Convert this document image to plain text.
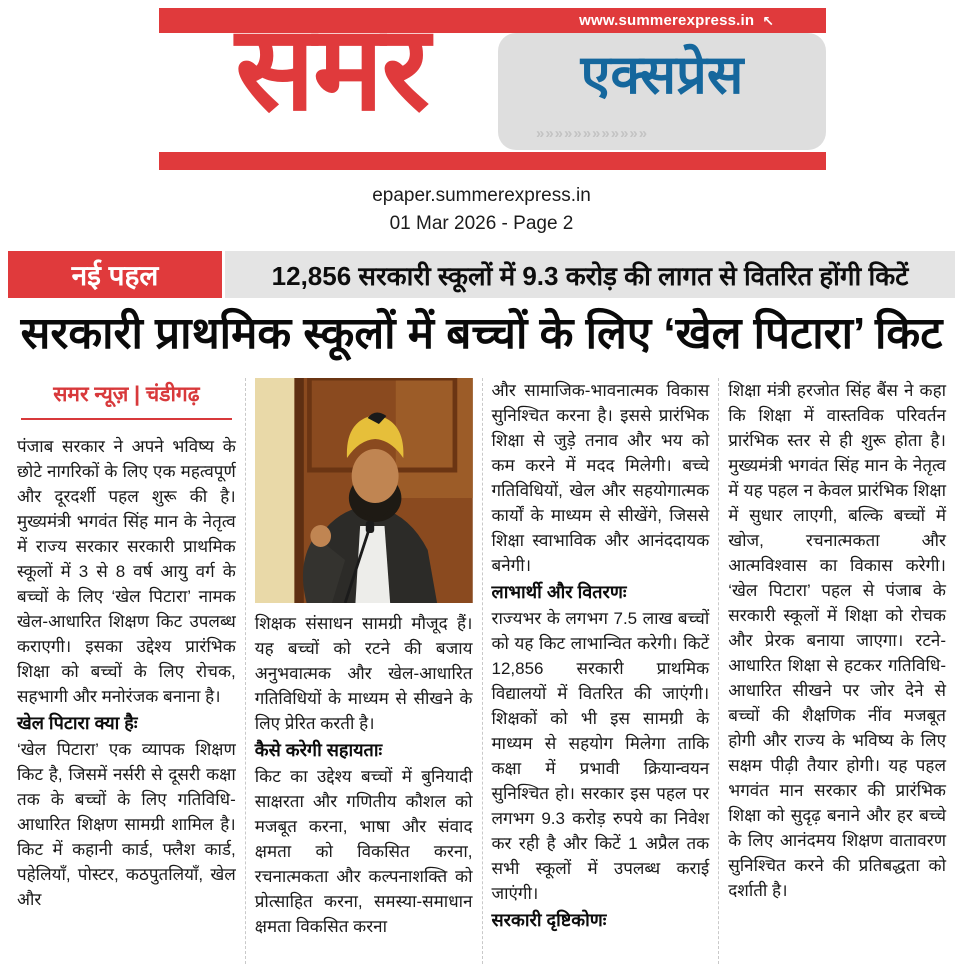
www.summerexpress.in ↖
एक्सप्रेस
»»»»»»»»»»»»
समर
epaper.summerexpress.in
01 Mar 2026 - Page 2
नई पहल	12,856 सरकारी स्कूलों में 9.3 करोड़ की लागत से वितरित होंगी किटें
सरकारी प्राथमिक स्कूलों में बच्चों के लिए ‘खेल पिटारा’ किट
समर न्यूज़ | चंडीगढ़

पंजाब सरकार ने अपने भविष्य के छोटे नागरिकों के लिए एक महत्वपूर्ण और दूरदर्शी पहल शुरू की है। मुख्यमंत्री भगवंत सिंह मान के नेतृत्व में राज्य सरकार सरकारी प्राथमिक स्कूलों में 3 से 8 वर्ष आयु वर्ग के बच्चों के लिए ‘खेल पिटारा’ नामक खेल-आधारित शिक्षण किट उपलब्ध कराएगी। इसका उद्देश्य प्रारंभिक शिक्षा को बच्चों के लिए रोचक, सहभागी और मनोरंजक बनाना है।

खेल पिटारा क्या हैः

‘खेल पिटारा’ एक व्यापक शिक्षण किट है, जिसमें नर्सरी से दूसरी कक्षा तक के बच्चों के लिए गतिविधि-आधारित शिक्षण सामग्री शामिल है। किट में कहानी कार्ड, फ्लैश कार्ड, पहेलियाँ, पोस्टर, कठपुतलियाँ, खेल और

शिक्षक संसाधन सामग्री मौजूद हैं। यह बच्चों को रटने की बजाय अनुभवात्मक और खेल-आधारित गतिविधियों के माध्यम से सीखने के लिए प्रेरित करती है।

कैसे करेगी सहायताः

किट का उद्देश्य बच्चों में बुनियादी साक्षरता और गणितीय कौशल को मजबूत करना, भाषा और संवाद क्षमता को विकसित करना, रचनात्मकता और कल्पनाशक्ति को प्रोत्साहित करना, समस्या-समाधान क्षमता विकसित करना

और सामाजिक-भावनात्मक विकास सुनिश्चित करना है। इससे प्रारंभिक शिक्षा से जुड़े तनाव और भय को कम करने में मदद मिलेगी। बच्चे गतिविधियों, खेल और सहयोगात्मक कार्यों के माध्यम से सीखेंगे, जिससे शिक्षा स्वाभाविक और आनंददायक बनेगी।

लाभार्थी और वितरणः

राज्यभर के लगभग 7.5 लाख बच्चों को यह किट लाभान्वित करेगी। किटें 12,856 सरकारी प्राथमिक विद्यालयों में वितरित की जाएंगी। शिक्षकों को भी इस सामग्री के माध्यम से सहयोग मिलेगा ताकि कक्षा में प्रभावी क्रियान्वयन सुनिश्चित हो। सरकार इस पहल पर लगभग 9.3 करोड़ रुपये का निवेश कर रही है और किटें 1 अप्रैल तक सभी स्कूलों में उपलब्ध कराई जाएंगी।

सरकारी दृष्टिकोणः

शिक्षा मंत्री हरजोत सिंह बैंस ने कहा कि शिक्षा में वास्तविक परिवर्तन प्रारंभिक स्तर से ही शुरू होता है। मुख्यमंत्री भगवंत सिंह मान के नेतृत्व में यह पहल न केवल प्रारंभिक शिक्षा में सुधार लाएगी, बल्कि बच्चों में खोज, रचनात्मकता और आत्मविश्वास का विकास करेगी। ‘खेल पिटारा’ पहल से पंजाब के सरकारी स्कूलों में शिक्षा को रोचक और प्रेरक बनाया जाएगा। रटने-आधारित शिक्षा से हटकर गतिविधि-आधारित सीखने पर जोर देने से बच्चों की शैक्षणिक नींव मजबूत होगी और राज्य के भविष्य के लिए सक्षम पीढ़ी तैयार होगी। यह पहल भगवंत मान सरकार की प्रारंभिक शिक्षा को सुदृढ़ बनाने और हर बच्चे के लिए आनंदमय शिक्षण वातावरण सुनिश्चित करने की प्रतिबद्धता को दर्शाती है।
